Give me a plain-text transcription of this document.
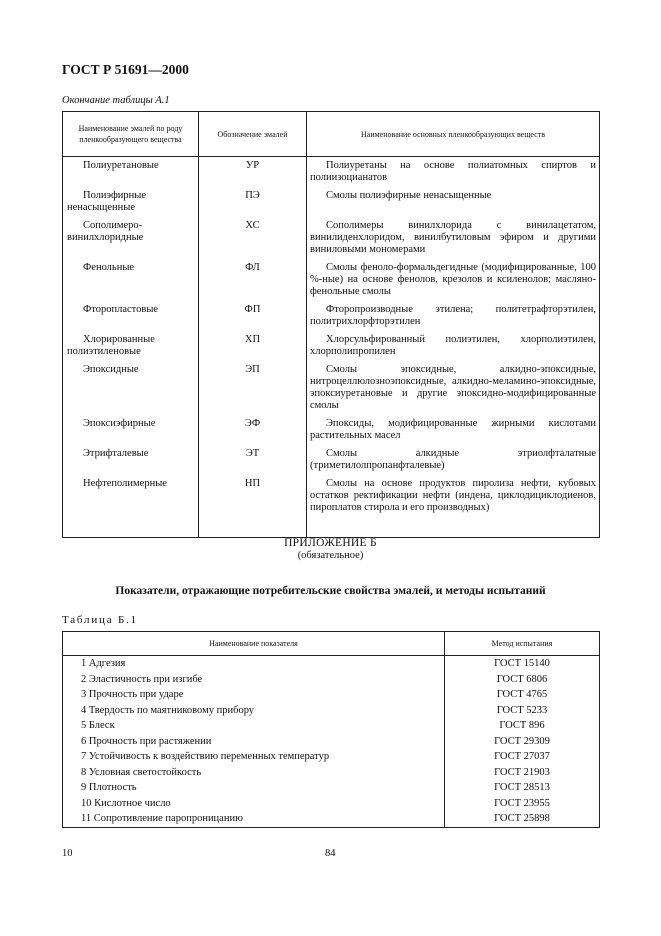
ГОСТ Р 51691—2000
Окончание таблицы А.1
Наименование эмалей по роду пленкообразующего вещества	Обозначение эмалей	Наименование основных пленкообразующих веществ

Полиуретановые	УР	Полиуретаны на основе полиатомных спиртов и полиизоцианатов

Полиэфирные ненасыщенные	ПЭ	Смолы полиэфирные ненасыщенные

Сополимеро-винилхлоридные	ХС	Сополимеры винилхлорида с винилацетатом, винилиденхлоридом, винилбутиловым эфиром и другими виниловыми мономерами

Фенольные	ФЛ	Смолы феноло-формальдегидные (модифицированные, 100 %-ные) на основе фенолов, крезолов и ксиленолов; масляно-фенольные смолы

Фторопластовые	ФП	Фторопроизводные этилена; политетрафторэтилен, политрихлорфторэтилен

Хлорированные полиэтиленовые	ХП	Хлорсульфированный полиэтилен, хлорполиэтилен, хлорполипропилен

Эпоксидные	ЭП	Смолы эпоксидные, алкидно-эпоксидные, нитроцеллюлозноэпоксидные, алкидно-меламино-эпоксидные, эпоксиуретановые и другие эпоксидно-модифицированные смолы

Эпоксиэфирные	ЭФ	Эпоксиды, модифицированные жирными кислотами растительных масел

Этрифталевые	ЭТ	Смолы алкидные этриолфталатные (триметилолпропанфталевые)

Нефтеполимерные	НП	Смолы на основе продуктов пиролиза нефти, кубовых остатков ректификации нефти (индена, циклодициклодиенов, пироплатов стирола и его производных)
ПРИЛОЖЕНИЕ Б
(обязательное)
Показатели, отражающие потребительские свойства эмалей, и методы испытаний
Таблица Б.1
Наименование показателя	Метод испытания
1 Адгезия	ГОСТ 15140
2 Эластичность при изгибе	ГОСТ 6806
3 Прочность при ударе	ГОСТ 4765
4 Твердость по маятниковому прибору	ГОСТ 5233
5 Блеск	ГОСТ 896
6 Прочность при растяжении	ГОСТ 29309
7 Устойчивость к воздействию переменных температур	ГОСТ 27037
8 Условная светостойкость	ГОСТ 21903
9 Плотность	ГОСТ 28513
10 Кислотное число	ГОСТ 23955
11 Сопротивление паропроницанию	ГОСТ 25898
10	84
